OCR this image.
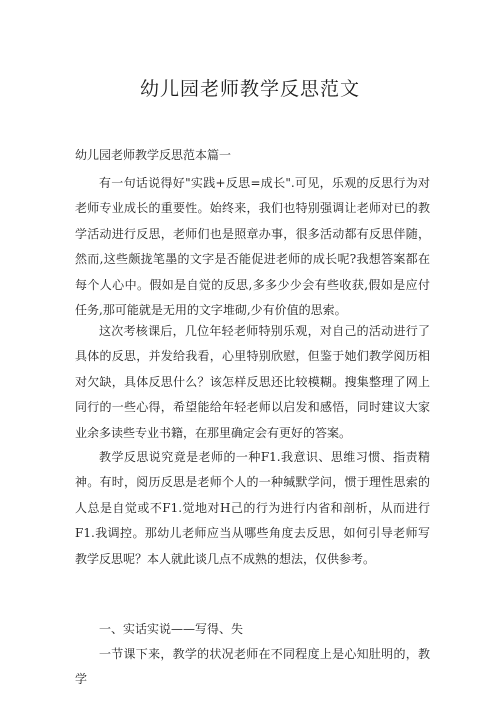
幼儿园老师教学反思范文
幼儿园老师教学反思范本篇一

有一句话说得好"实践+反思=成长".可见，乐观的反思行为对老师专业成长的重要性。始终来，我们也特别强调让老师对已的教学活动进行反思，老师们也是照章办事，很多活动都有反思伴随，然而,这些颇拢笔墨的文字是否能促进老师的成长呢?我想答案都在每个人心中。假如是自觉的反思,多多少少会有些收获,假如是应付任务,那可能就是无用的文字堆砌,少有价值的思索。

这次考核课后，几位年轻老师特别乐观，对自己的活动进行了具体的反思，并发给我看，心里特别欣慰，但鉴于她们教学阅历相对欠缺，具体反思什么？该怎样反思还比较模糊。搜集整理了网上同行的一些心得，希望能给年轻老师以启发和感悟，同时建议大家业余多读些专业书籍，在那里确定会有更好的答案。

教学反思说究竟是老师的一种F1.我意识、思维习惯、指责精神。有时，阅历反思是老师个人的一种缄默学问，惯于理性思索的人总是自觉或不F1.觉地对H己的行为进行内省和剖析，从而进行F1.我调控。那幼儿老师应当从哪些角度去反思，如何引导老师写教学反思呢？本人就此谈几点不成熟的想法，仅供参考。

一、实话实说——写得、失

一节课下来，教学的状况老师在不同程度上是心知肚明的，教学
